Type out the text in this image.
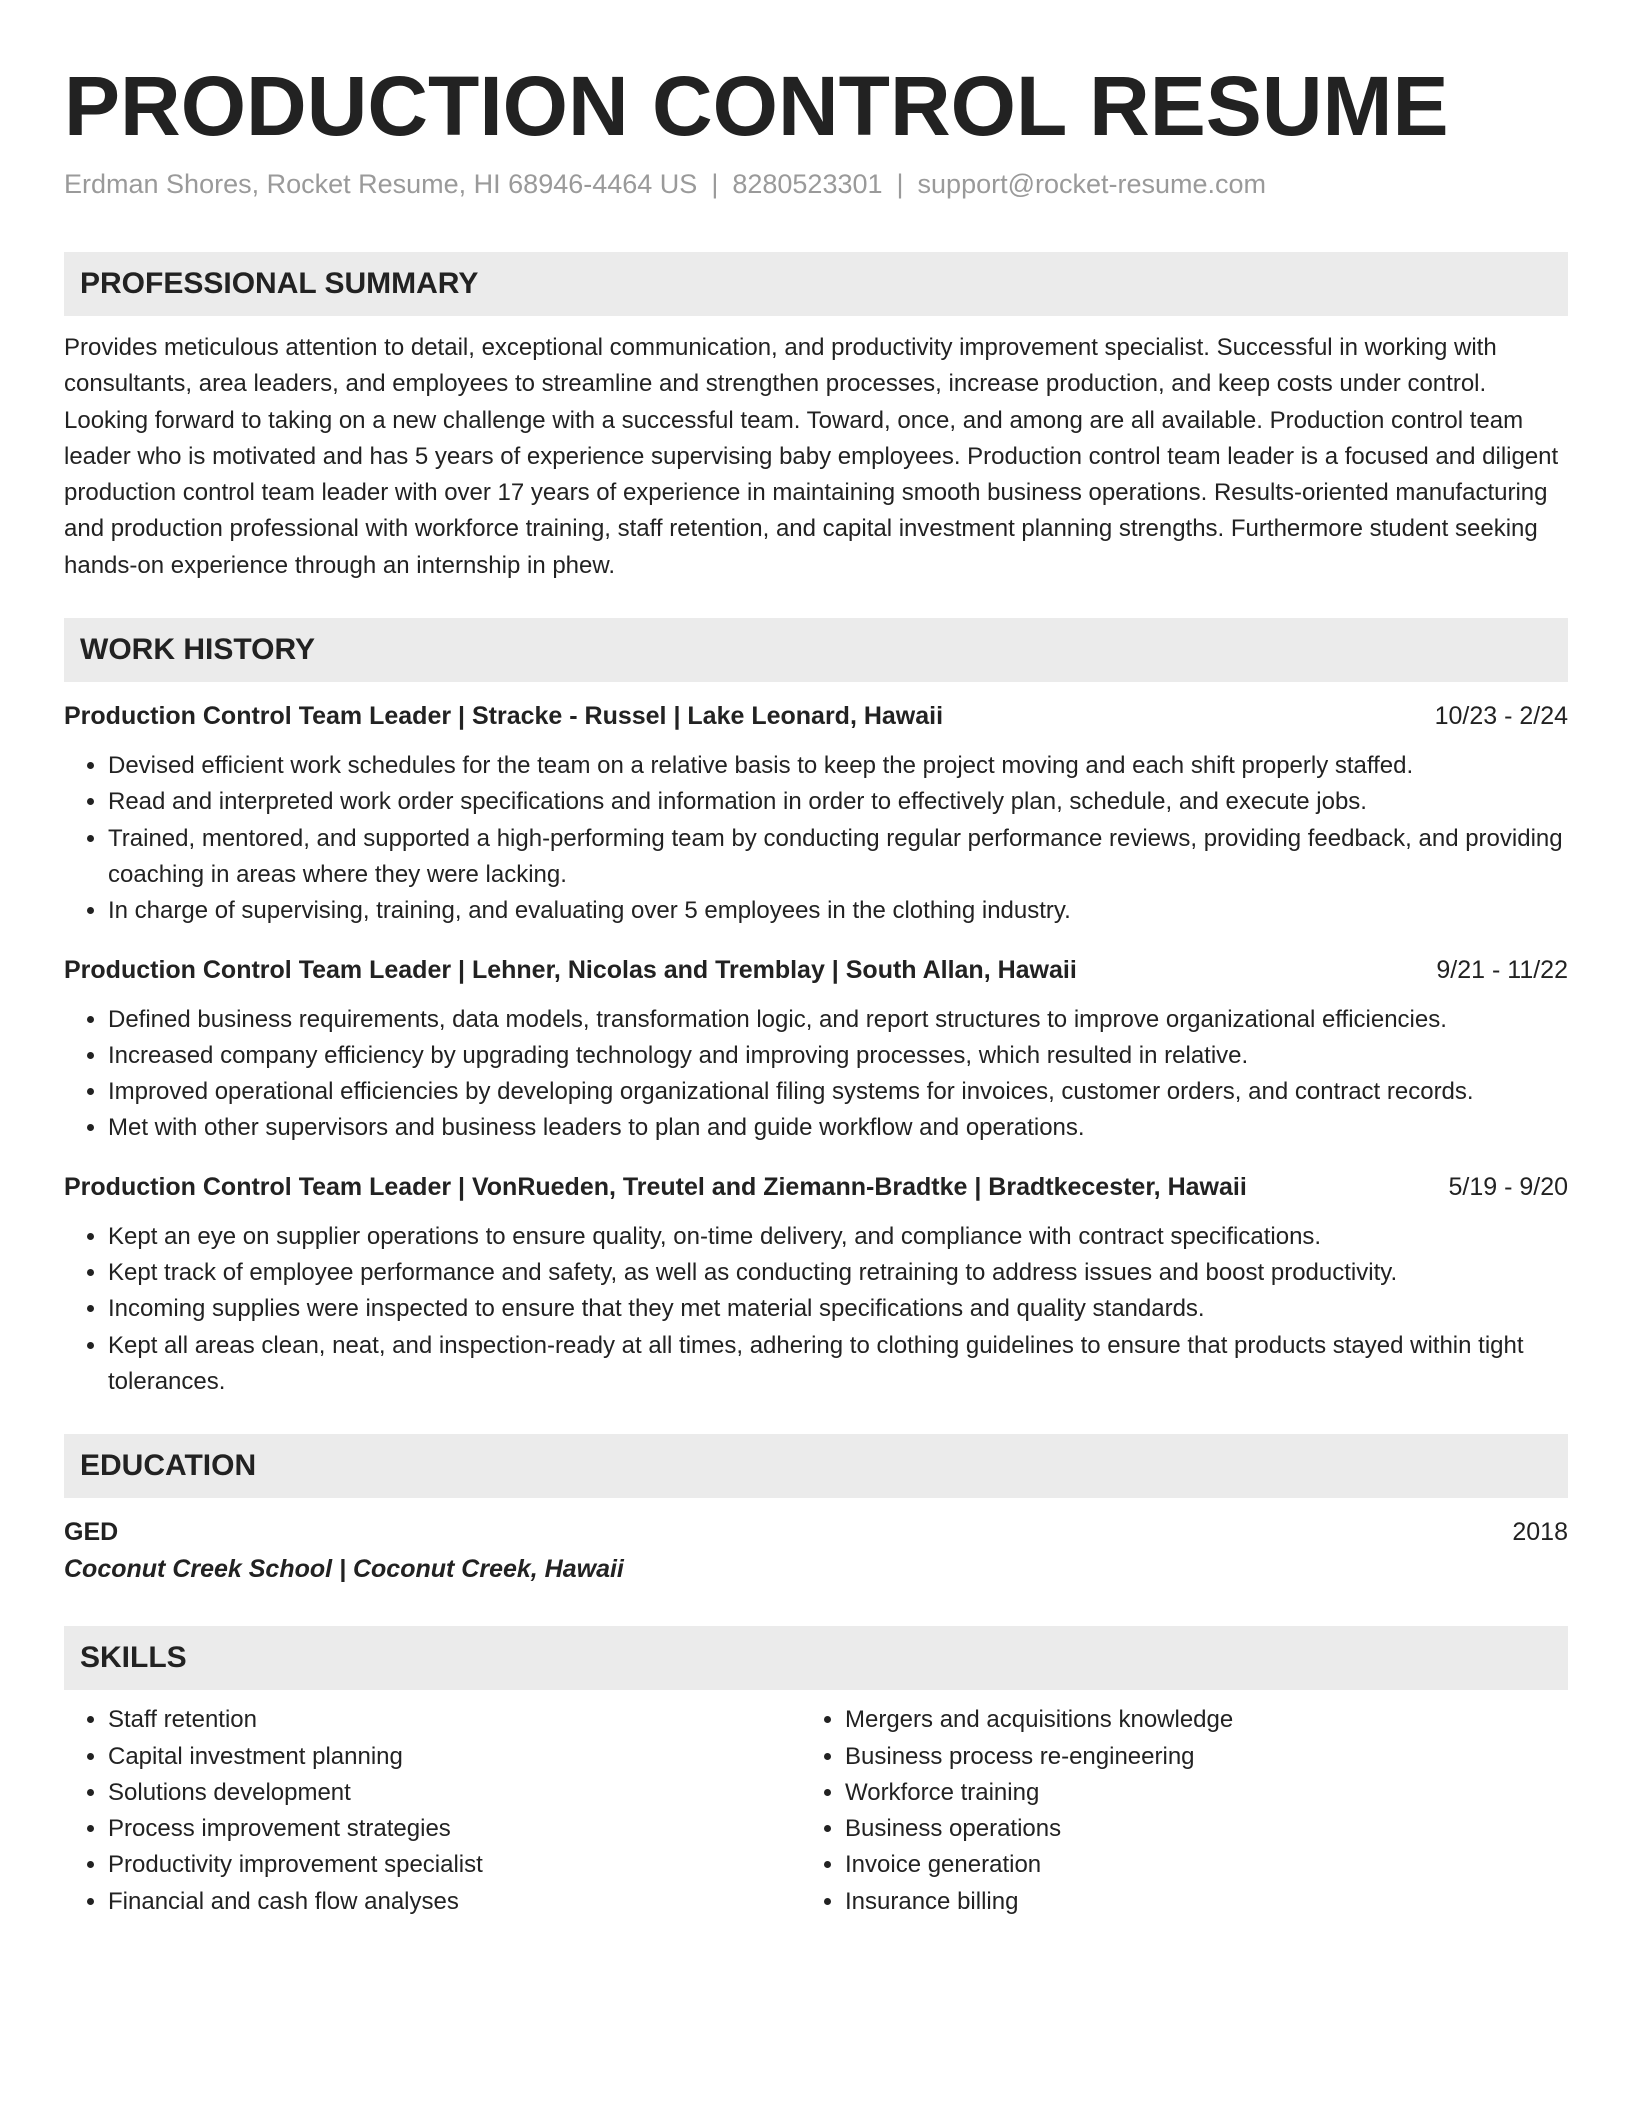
PRODUCTION CONTROL RESUME
Erdman Shores, Rocket Resume, HI 68946-4464 US | 8280523301 | support@rocket-resume.com
PROFESSIONAL SUMMARY

Provides meticulous attention to detail, exceptional communication, and productivity improvement specialist. Successful in working with consultants, area leaders, and employees to streamline and strengthen processes, increase production, and keep costs under control. Looking forward to taking on a new challenge with a successful team. Toward, once, and among are all available. Production control team leader who is motivated and has 5 years of experience supervising baby employees. Production control team leader is a focused and diligent production control team leader with over 17 years of experience in maintaining smooth business operations. Results-oriented manufacturing and production professional with workforce training, staff retention, and capital investment planning strengths. Furthermore student seeking hands-on experience through an internship in phew.

WORK HISTORY
Production Control Team Leader | Stracke - Russel | Lake Leonard, Hawaii	10/23 - 2/24
• Devised efficient work schedules for the team on a relative basis to keep the project moving and each shift properly staffed.
• Read and interpreted work order specifications and information in order to effectively plan, schedule, and execute jobs.
• Trained, mentored, and supported a high-performing team by conducting regular performance reviews, providing feedback, and providing coaching in areas where they were lacking.
• In charge of supervising, training, and evaluating over 5 employees in the clothing industry.
Production Control Team Leader | Lehner, Nicolas and Tremblay | South Allan, Hawaii	9/21 - 11/22
• Defined business requirements, data models, transformation logic, and report structures to improve organizational efficiencies.
• Increased company efficiency by upgrading technology and improving processes, which resulted in relative.
• Improved operational efficiencies by developing organizational filing systems for invoices, customer orders, and contract records.
• Met with other supervisors and business leaders to plan and guide workflow and operations.
Production Control Team Leader | VonRueden, Treutel and Ziemann-Bradtke | Bradtkecester, Hawaii	5/19 - 9/20
• Kept an eye on supplier operations to ensure quality, on-time delivery, and compliance with contract specifications.
• Kept track of employee performance and safety, as well as conducting retraining to address issues and boost productivity.
• Incoming supplies were inspected to ensure that they met material specifications and quality standards.
• Kept all areas clean, neat, and inspection-ready at all times, adhering to clothing guidelines to ensure that products stayed within tight tolerances.
EDUCATION
GED	2018
Coconut Creek School | Coconut Creek, Hawaii
SKILLS
• Staff retention
• Capital investment planning
• Solutions development
• Process improvement strategies
• Productivity improvement specialist
• Financial and cash flow analyses
• Mergers and acquisitions knowledge
• Business process re-engineering
• Workforce training
• Business operations
• Invoice generation
• Insurance billing
